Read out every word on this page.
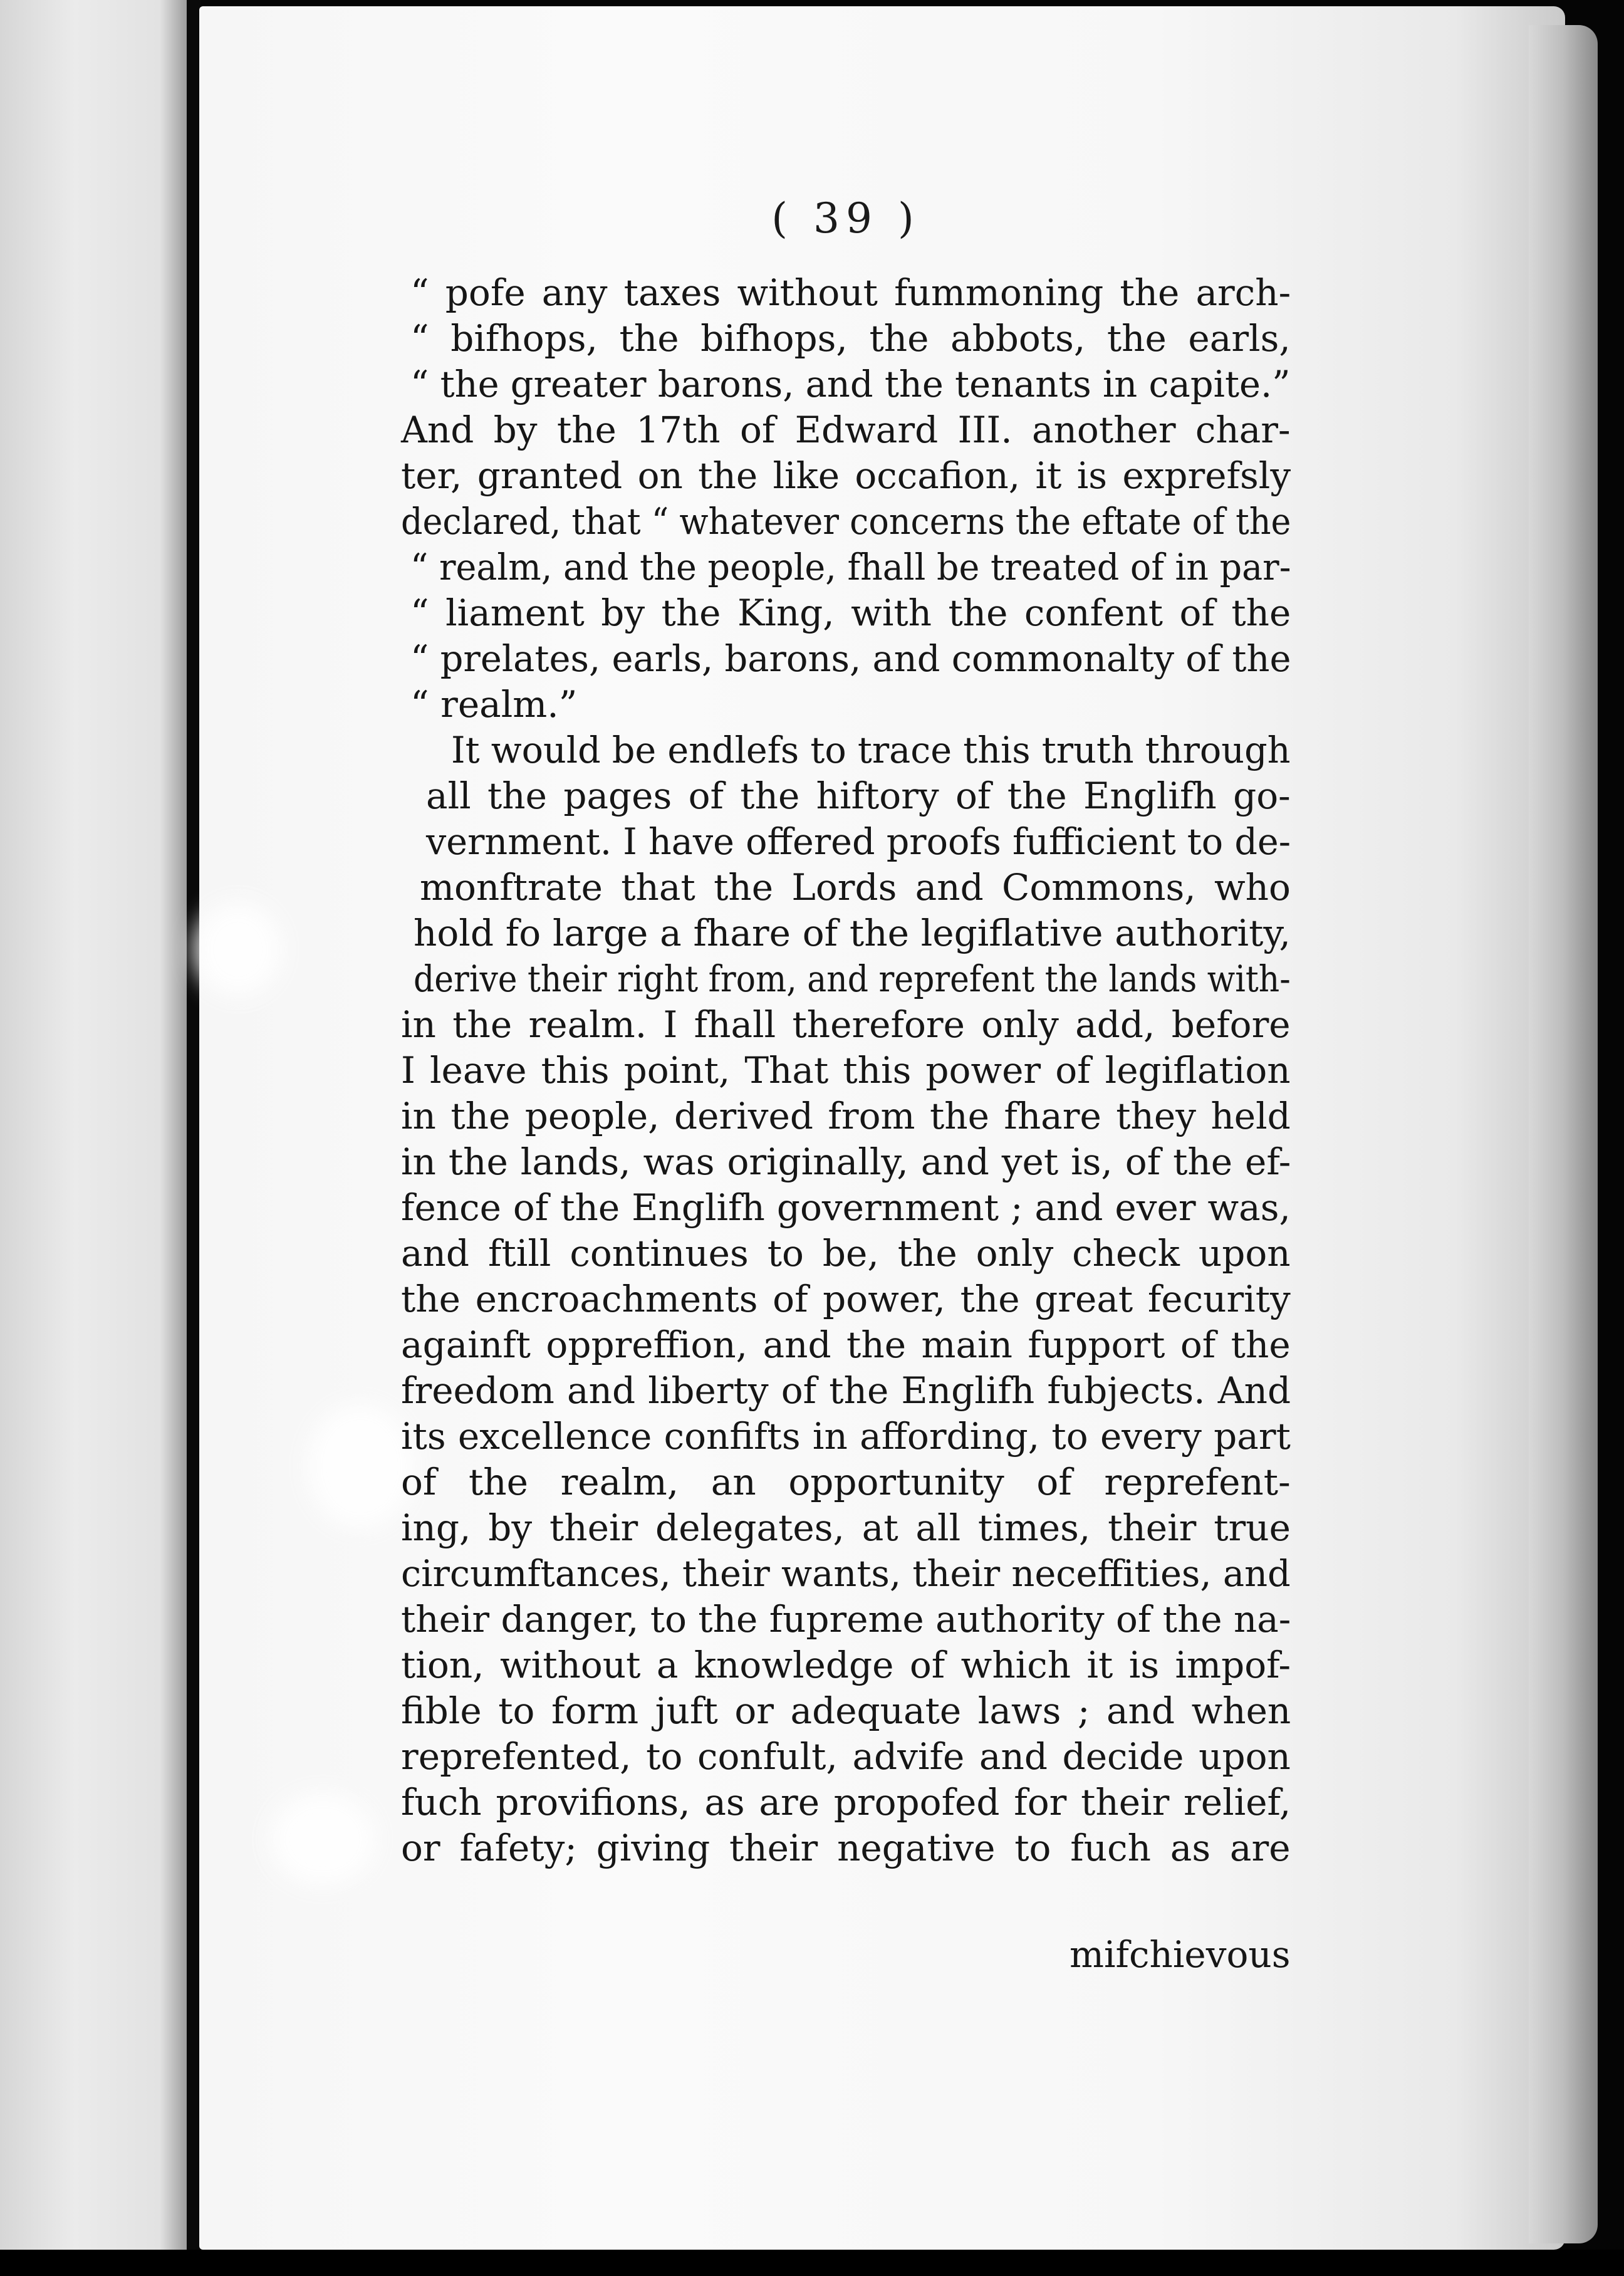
( 39 )
mifchievous
“ pofe any taxes without fummoning the arch-
“ bifhops, the bifhops, the abbots, the earls,
“ the greater barons, and the tenants in capite.”
And by the 17th of Edward III. another char-
ter, granted on the like occafion, it is exprefsly
declared, that “ whatever concerns the eftate of the
“ realm, and the people, fhall be treated of in par-
“ liament by the King, with the confent of the
“ prelates, earls, barons, and commonalty of the
“ realm.”
It would be endlefs to trace this truth through
all the pages of the hiftory of the Englifh go-
vernment. I have offered proofs fufficient to de-
monftrate that the Lords and Commons, who
hold fo large a fhare of the legiflative authority,
derive their right from, and reprefent the lands with-
in the realm. I fhall therefore only add, before
I leave this point, That this power of legiflation
in the people, derived from the fhare they held
in the lands, was originally, and yet is, of the ef-
fence of the Englifh government ; and ever was,
and ftill continues to be, the only check upon
the encroachments of power, the great fecurity
againft oppreffion, and the main fupport of the
freedom and liberty of the Englifh fubjects. And
its excellence confifts in affording, to every part
of the realm, an opportunity of reprefent-
ing, by their delegates, at all times, their true
circumftances, their wants, their neceffities, and
their danger, to the fupreme authority of the na-
tion, without a knowledge of which it is impof-
fible to form juft or adequate laws ; and when
reprefented, to confult, advife and decide upon
fuch provifions, as are propofed for their relief,
or fafety; giving their negative to fuch as are
